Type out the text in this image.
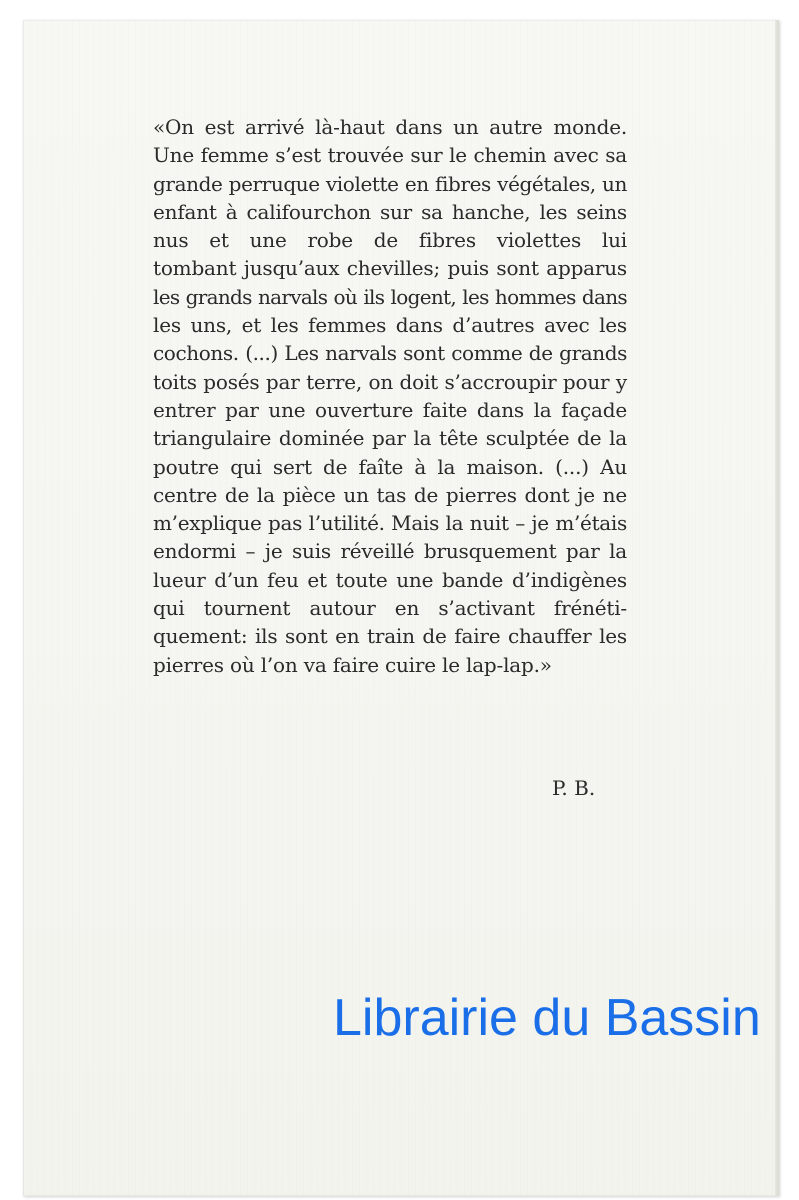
«On est arrivé là-haut dans un autre monde.
Une femme s’est trouvée sur le chemin avec sa
grande perruque violette en fibres végétales, un
enfant à califourchon sur sa hanche, les seins
nus et une robe de fibres violettes lui
tombant jusqu’aux chevilles; puis sont apparus
les grands narvals où ils logent, les hommes dans
les uns, et les femmes dans d’autres avec les
cochons. (...) Les narvals sont comme de grands
toits posés par terre, on doit s’accroupir pour y
entrer par une ouverture faite dans la façade
triangulaire dominée par la tête sculptée de la
poutre qui sert de faîte à la maison. (...) Au
centre de la pièce un tas de pierres dont je ne
m’explique pas l’utilité. Mais la nuit – je m’étais
endormi – je suis réveillé brusquement par la
lueur d’un feu et toute une bande d’indigènes
qui tournent autour en s’activant frénéti-
quement: ils sont en train de faire chauffer les
pierres où l’on va faire cuire le lap-lap.»
P. B.
Librairie du Bassin
